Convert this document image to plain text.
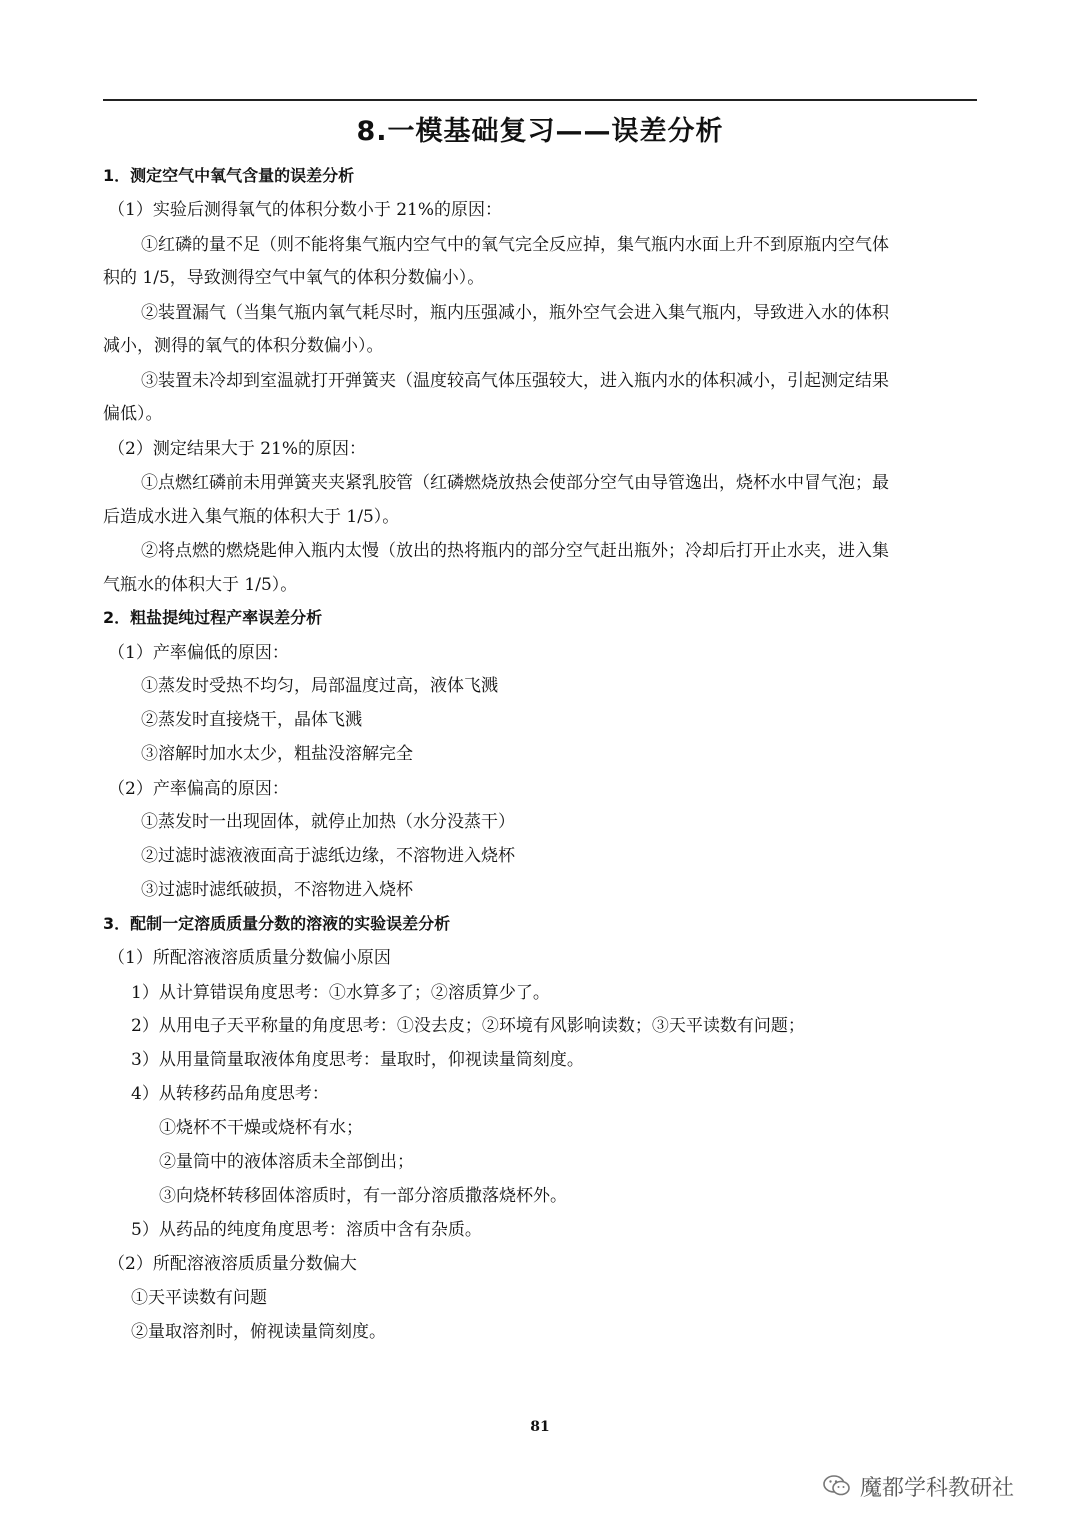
8.一模基础复习——误差分析
1．测定空气中氧气含量的误差分析
（1）实验后测得氧气的体积分数小于 21%的原因：
①红磷的量不足（则不能将集气瓶内空气中的氧气完全反应掉，集气瓶内水面上升不到原瓶内空气体
积的 1/5，导致测得空气中氧气的体积分数偏小）。
②装置漏气（当集气瓶内氧气耗尽时，瓶内压强减小，瓶外空气会进入集气瓶内，导致进入水的体积
减小，测得的氧气的体积分数偏小）。
③装置未冷却到室温就打开弹簧夹（温度较高气体压强较大，进入瓶内水的体积减小，引起测定结果
偏低）。
（2）测定结果大于 21%的原因：
①点燃红磷前未用弹簧夹夹紧乳胶管（红磷燃烧放热会使部分空气由导管逸出，烧杯水中冒气泡；最
后造成水进入集气瓶的体积大于 1/5）。
②将点燃的燃烧匙伸入瓶内太慢（放出的热将瓶内的部分空气赶出瓶外；冷却后打开止水夹，进入集
气瓶水的体积大于 1/5）。
2．粗盐提纯过程产率误差分析
（1）产率偏低的原因：
①蒸发时受热不均匀，局部温度过高，液体飞溅
②蒸发时直接烧干，晶体飞溅
③溶解时加水太少，粗盐没溶解完全
（2）产率偏高的原因：
①蒸发时一出现固体，就停止加热（水分没蒸干）
②过滤时滤液液面高于滤纸边缘，不溶物进入烧杯
③过滤时滤纸破损，不溶物进入烧杯
3．配制一定溶质质量分数的溶液的实验误差分析
（1）所配溶液溶质质量分数偏小原因
1）从计算错误角度思考：①水算多了；②溶质算少了。
2）从用电子天平称量的角度思考：①没去皮；②环境有风影响读数；③天平读数有问题；
3）从用量筒量取液体角度思考：量取时，仰视读量筒刻度。
4）从转移药品角度思考：
①烧杯不干燥或烧杯有水；
②量筒中的液体溶质未全部倒出；
③向烧杯转移固体溶质时，有一部分溶质撒落烧杯外。
5）从药品的纯度角度思考：溶质中含有杂质。
（2）所配溶液溶质质量分数偏大
①天平读数有问题
②量取溶剂时，俯视读量筒刻度。
81
魔都学科教研社
